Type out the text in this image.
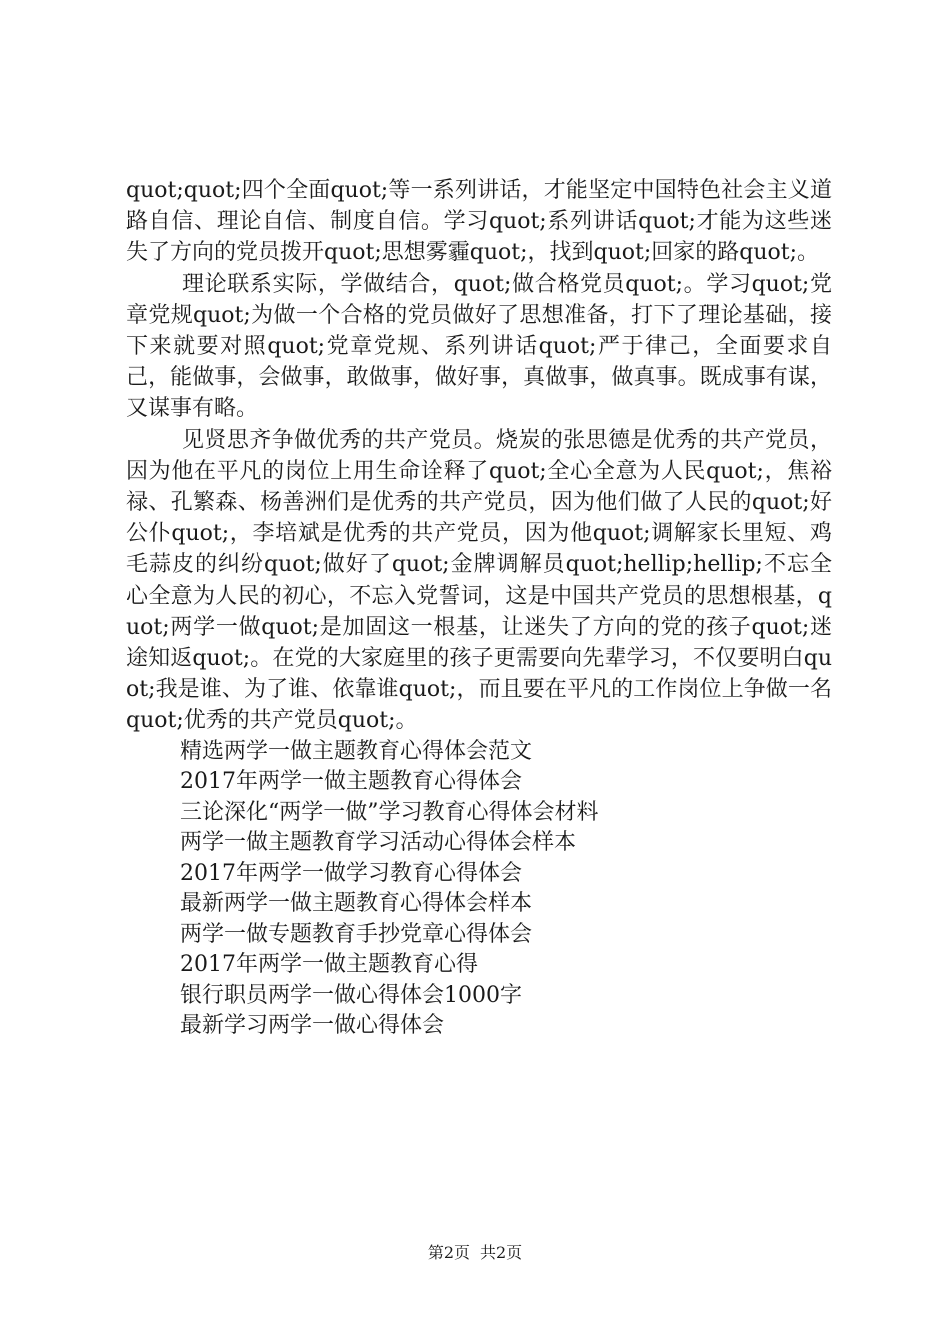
quot;quot;四个全面quot;等一系列讲话，才能坚定中国特色社会主义道路自信、理论自信、制度自信。学习quot;系列讲话quot;才能为这些迷失了方向的党员拨开quot;思想雾霾quot;，找到quot;回家的路quot;。

理论联系实际，学做结合，quot;做合格党员quot;。学习quot;党章党规quot;为做一个合格的党员做好了思想准备，打下了理论基础，接下来就要对照quot;党章党规、系列讲话quot;严于律己，全面要求自己，能做事，会做事，敢做事，做好事，真做事，做真事。既成事有谋，又谋事有略。

见贤思齐争做优秀的共产党员。烧炭的张思德是优秀的共产党员，因为他在平凡的岗位上用生命诠释了quot;全心全意为人民quot;，焦裕禄、孔繁森、杨善洲们是优秀的共产党员，因为他们做了人民的quot;好公仆quot;，李培斌是优秀的共产党员，因为他quot;调解家长里短、鸡毛蒜皮的纠纷quot;做好了quot;金牌调解员quot;hellip;hellip;不忘全心全意为人民的初心，不忘入党誓词，这是中国共产党员的思想根基，quot;两学一做quot;是加固这一根基，让迷失了方向的党的孩子quot;迷途知返quot;。在党的大家庭里的孩子更需要向先辈学习，不仅要明白quot;我是谁、为了谁、依靠谁quot;，而且要在平凡的工作岗位上争做一名quot;优秀的共产党员quot;。

精选两学一做主题教育心得体会范文
2017年两学一做主题教育心得体会
三论深化“两学一做”学习教育心得体会材料
两学一做主题教育学习活动心得体会样本
2017年两学一做学习教育心得体会
最新两学一做主题教育心得体会样本
两学一做专题教育手抄党章心得体会
2017年两学一做主题教育心得
银行职员两学一做心得体会1000字
最新学习两学一做心得体会
第2页 共2页
